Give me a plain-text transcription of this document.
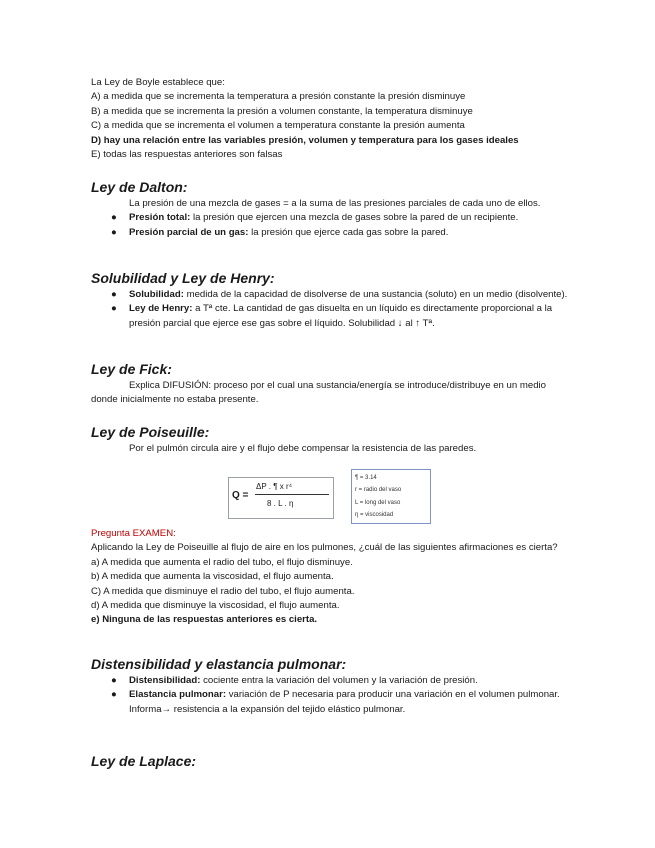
La Ley de Boyle establece que:
A) a medida que se incrementa la temperatura a presión constante la presión disminuye
B) a medida que se incrementa la presión a volumen constante, la temperatura disminuye
C) a medida que se incrementa el volumen a temperatura constante la presión aumenta
D) hay una relación entre las variables presión, volumen y temperatura para los gases ideales
E) todas las respuestas anteriores son falsas
Ley de Dalton:
La presión de una mezcla de gases = a la suma de las presiones parciales de cada uno de ellos.
● Presión total: la presión que ejercen una mezcla de gases sobre la pared de un recipiente.
● Presión parcial de un gas: la presión que ejerce cada gas sobre la pared.
Solubilidad y Ley de Henry:
● Solubilidad: medida de la capacidad de disolverse de una sustancia (soluto) en un medio (disolvente).
● Ley de Henry: a Tª cte. La cantidad de gas disuelta en un líquido es directamente proporcional a la presión parcial que ejerce ese gas sobre el líquido. Solubilidad ↓ al ↑ Tª.
Ley de Fick:
Explica DIFUSIÓN: proceso por el cual una sustancia/energía se introduce/distribuye en un medio donde inicialmente no estaba presente.
Ley de Poiseuille:
Por el pulmón circula aire y el flujo debe compensar la resistencia de las paredes.
Q =
ΔP . ¶ x r⁴
8 . L . η
¶ = 3.14
r = radio del vaso
L = long del vaso
η = viscosidad
Pregunta EXAMEN:
Aplicando la Ley de Poiseuille al flujo de aire en los pulmones, ¿cuál de las siguientes afirmaciones es cierta?
a) A medida que aumenta el radio del tubo, el flujo disminuye.
b) A medida que aumenta la viscosidad, el flujo aumenta.
C) A medida que disminuye el radio del tubo, el flujo aumenta.
d) A medida que disminuye la viscosidad, el flujo aumenta.
e) Ninguna de las respuestas anteriores es cierta.
Distensibilidad y elastancia pulmonar:
● Distensibilidad: cociente entra la variación del volumen y la variación de presión.
● Elastancia pulmonar: variación de P necesaria para producir una variación en el volumen pulmonar. Informa→ resistencia a la expansión del tejido elástico pulmonar.
Ley de Laplace:
